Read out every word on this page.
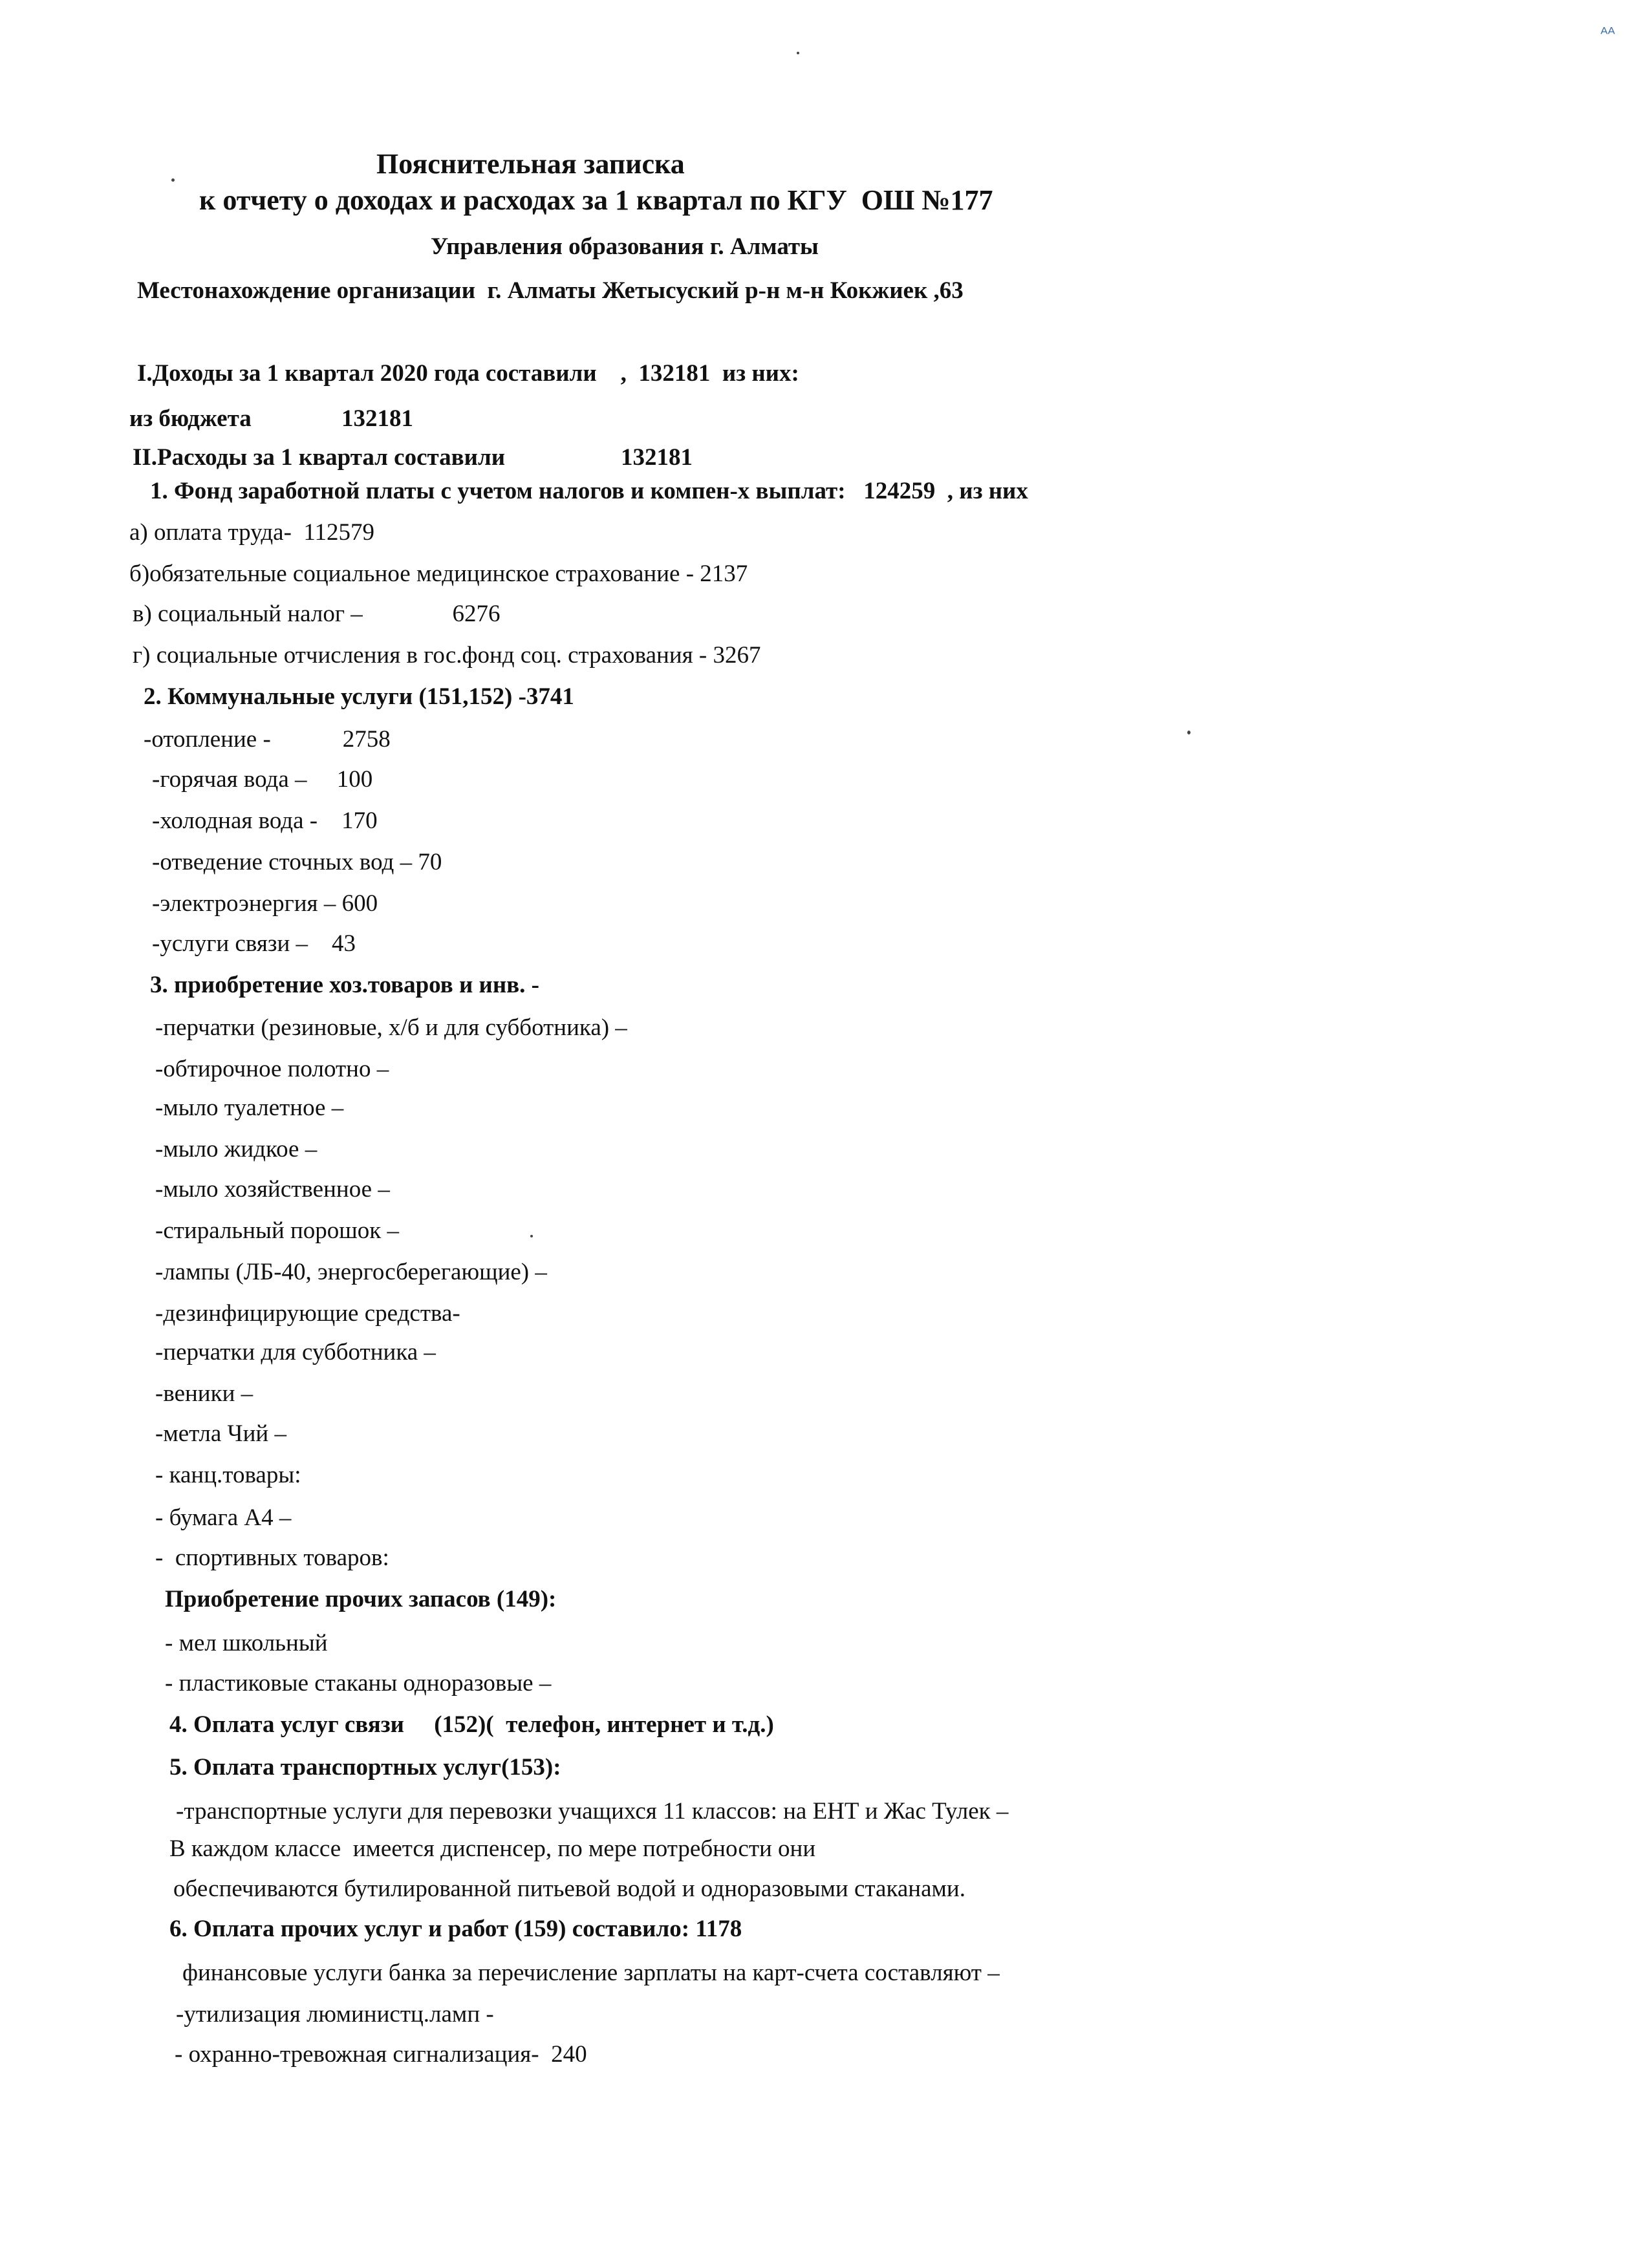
ᴬᴬ
Пояснительная записка
к отчету о доходах и расходах за 1 квартал по КГУ  ОШ №177
Управления образования г. Алматы
Местонахождение организации  г. Алматы Жетысуский р-н м-н Кокжиек ,63
I.Доходы за 1 квартал 2020 года составили    ,  132181  из них:
из бюджета	132181
II.Расходы за 1 квартал составили	132181
1. Фонд заработной платы с учетом налогов и компен-х выплат:   124259  , из них
а) оплата труда-  112579
б)обязательные социальное медицинское страхование - 2137
в) социальный налог –               6276
г) социальные отчисления в гос.фонд соц. страхования - 3267
2. Коммунальные услуги (151,152) -3741
-отопление -            2758
-горячая вода –     100
-холодная вода -    170
-отведение сточных вод – 70
-электроэнергия – 600
-услуги связи –    43
3. приобретение хоз.товаров и инв. -
-перчатки (резиновые, х/б и для субботника) –
-обтирочное полотно –
-мыло туалетное –
-мыло жидкое –
-мыло хозяйственное –
-стиральный порошок –
-лампы (ЛБ-40, энергосберегающие) –
-дезинфицирующие средства-
-перчатки для субботника –
-веники –
-метла Чий –
- канц.товары:
- бумага А4 –
-  спортивных товаров:
Приобретение прочих запасов (149):
- мел школьный
- пластиковые стаканы одноразовые –
4. Оплата услуг связи     (152)(  телефон, интернет и т.д.)
5. Оплата транспортных услуг(153):
-транспортные услуги для перевозки учащихся 11 классов: на ЕНТ и Жас Тулек –
В каждом классе  имеется диспенсер, по мере потребности они
обеспечиваются бутилированной питьевой водой и одноразовыми стаканами.
6. Оплата прочих услуг и работ (159) составило: 1178
финансовые услуги банка за перечисление зарплаты на карт-счета составляют –
-утилизация люминистц.ламп -
- охранно-тревожная сигнализация-  240
